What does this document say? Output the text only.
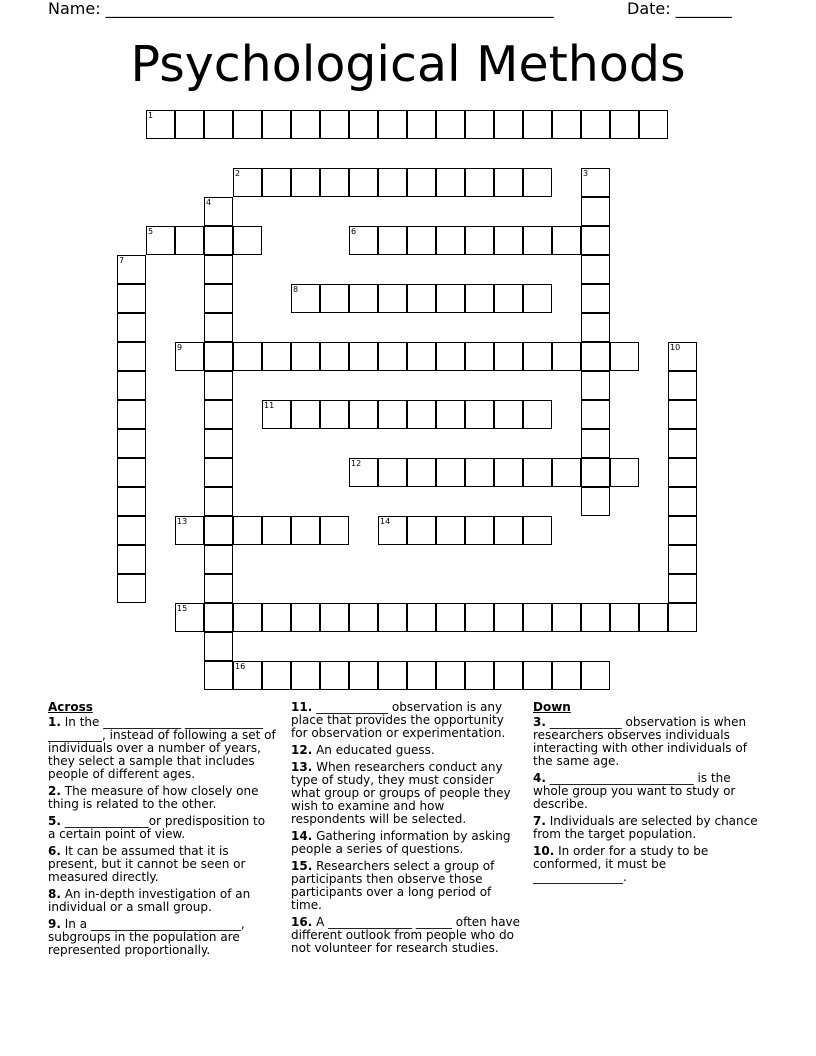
Name: ________________________________________________________	Date: _______
Psychological Methods
1
2
5	6
8
9
11
12
13	14
15
16
3
4
7
10
Across
1. In the _____________ _____________ _________, instead of following a set of individuals over a number of years, they select a sample that includes people of different ages.
2. The measure of how closely one thing is related to the other.
5. ______________or predisposition to a certain point of view.
6. It can be assumed that it is present, but it cannot be seen or measured directly.
8. An in-depth investigation of an individual or a small group.
9. In a _________________________, subgroups in the population are represented proportionally.
11. ____________ observation is any place that provides the opportunity for observation or experimentation.
12. An educated guess.
13. When researchers conduct any type of study, they must consider what group or groups of people they wish to examine and how respondents will be selected.
14. Gathering information by asking people a series of questions.
15. Researchers select a group of participants then observe those participants over a long period of time.
16. A ______________ ______ often have different outlook from people who do not volunteer for research studies.
Down
3. ____________ observation is when researchers observes individuals interacting with other individuals of the same age.
4. ________________________ is the whole group you want to study or describe.
7. Individuals are selected by chance from the target population.
10. In order for a study to be conformed, it must be _______________.
